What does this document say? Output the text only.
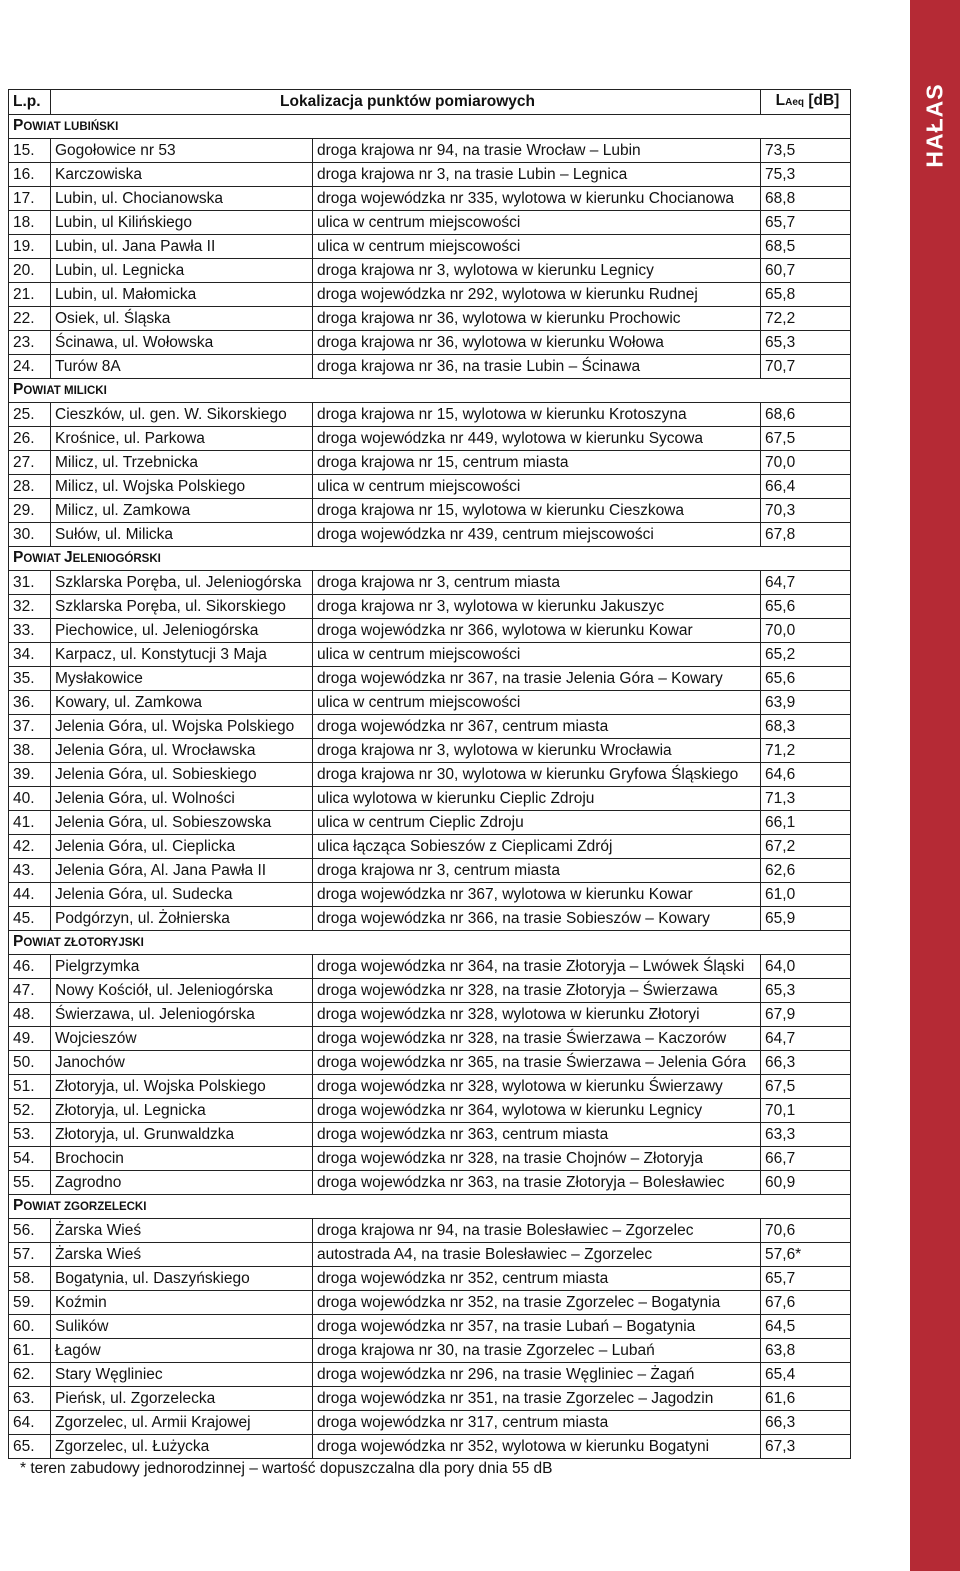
HAŁAS
L.p.	Lokalizacja punktów pomiarowych		LAeq [dB]
POWIAT LUBIŃSKI			
15.	Gogołowice nr 53	droga krajowa nr 94, na trasie Wrocław – Lubin	73,5
16.	Karczowiska	droga krajowa nr 3, na trasie Lubin – Legnica	75,3
17.	Lubin, ul. Chocianowska	droga wojewódzka nr 335, wylotowa w kierunku Chocianowa	68,8
18.	Lubin, ul Kilińskiego	ulica w centrum miejscowości	65,7
19.	Lubin, ul. Jana Pawła II	ulica w centrum miejscowości	68,5
20.	Lubin, ul. Legnicka	droga krajowa nr 3, wylotowa w kierunku Legnicy	60,7
21.	Lubin, ul. Małomicka	droga wojewódzka nr 292, wylotowa w kierunku Rudnej	65,8
22.	Osiek, ul. Śląska	droga krajowa nr 36, wylotowa w kierunku Prochowic	72,2
23.	Ścinawa, ul. Wołowska	droga krajowa nr 36, wylotowa w kierunku Wołowa	65,3
24.	Turów 8A	droga krajowa nr 36, na trasie Lubin – Ścinawa	70,7
POWIAT MILICKI			
25.	Cieszków, ul. gen. W. Sikorskiego	droga krajowa nr 15, wylotowa w kierunku Krotoszyna	68,6
26.	Krośnice, ul. Parkowa	droga wojewódzka nr 449, wylotowa w kierunku Sycowa	67,5
27.	Milicz, ul. Trzebnicka	droga krajowa nr 15, centrum miasta	70,0
28.	Milicz, ul. Wojska Polskiego	ulica w centrum miejscowości	66,4
29.	Milicz, ul. Zamkowa	droga krajowa nr 15, wylotowa w kierunku Cieszkowa	70,3
30.	Sułów, ul. Milicka	droga wojewódzka nr 439, centrum miejscowości	67,8
POWIAT JELENIOGÓRSKI			
31.	Szklarska Poręba, ul. Jeleniogórska	droga krajowa nr 3, centrum miasta	64,7
32.	Szklarska Poręba, ul. Sikorskiego	droga krajowa nr 3, wylotowa w kierunku Jakuszyc	65,6
33.	Piechowice, ul. Jeleniogórska	droga wojewódzka nr 366, wylotowa w kierunku Kowar	70,0
34.	Karpacz, ul. Konstytucji 3 Maja	ulica w centrum miejscowości	65,2
35.	Mysłakowice	droga wojewódzka nr 367, na trasie Jelenia Góra – Kowary	65,6
36.	Kowary, ul. Zamkowa	ulica w centrum miejscowości	63,9
37.	Jelenia Góra, ul. Wojska Polskiego	droga wojewódzka nr 367, centrum miasta	68,3
38.	Jelenia Góra, ul. Wrocławska	droga krajowa nr 3, wylotowa w kierunku Wrocławia	71,2
39.	Jelenia Góra, ul. Sobieskiego	droga krajowa nr 30, wylotowa w kierunku Gryfowa Śląskiego	64,6
40.	Jelenia Góra, ul. Wolności	ulica wylotowa w kierunku Cieplic Zdroju	71,3
41.	Jelenia Góra, ul. Sobieszowska	ulica w centrum Cieplic Zdroju	66,1
42.	Jelenia Góra, ul. Cieplicka	ulica łącząca Sobieszów z Cieplicami Zdrój	67,2
43.	Jelenia Góra, Al. Jana Pawła II	droga krajowa nr 3, centrum miasta	62,6
44.	Jelenia Góra, ul. Sudecka	droga wojewódzka nr 367, wylotowa w kierunku Kowar	61,0
45.	Podgórzyn, ul. Żołnierska	droga wojewódzka nr 366, na trasie Sobieszów – Kowary	65,9
POWIAT ZŁOTORYJSKI			
46.	Pielgrzymka	droga wojewódzka nr 364, na trasie Złotoryja – Lwówek Śląski	64,0
47.	Nowy Kościół, ul. Jeleniogórska	droga wojewódzka nr 328, na trasie Złotoryja – Świerzawa	65,3
48.	Świerzawa, ul. Jeleniogórska	droga wojewódzka nr 328, wylotowa w kierunku Złotoryi	67,9
49.	Wojcieszów	droga wojewódzka nr 328, na trasie Świerzawa – Kaczorów	64,7
50.	Janochów	droga wojewódzka nr 365, na trasie Świerzawa – Jelenia Góra	66,3
51.	Złotoryja, ul. Wojska Polskiego	droga wojewódzka nr 328, wylotowa w kierunku Świerzawy	67,5
52.	Złotoryja, ul. Legnicka	droga wojewódzka nr 364, wylotowa w kierunku Legnicy	70,1
53.	Złotoryja, ul. Grunwaldzka	droga wojewódzka nr 363, centrum miasta	63,3
54.	Brochocin	droga wojewódzka nr 328, na trasie Chojnów – Złotoryja	66,7
55.	Zagrodno	droga wojewódzka nr 363, na trasie Złotoryja – Bolesławiec	60,9
POWIAT ZGORZELECKI			
56.	Żarska Wieś	droga krajowa nr 94, na trasie Bolesławiec – Zgorzelec	70,6
57.	Żarska Wieś	autostrada A4, na trasie Bolesławiec – Zgorzelec	57,6*
58.	Bogatynia, ul. Daszyńskiego	droga wojewódzka nr 352, centrum miasta	65,7
59.	Koźmin	droga wojewódzka nr 352, na trasie Zgorzelec – Bogatynia	67,6
60.	Sulików	droga wojewódzka nr 357, na trasie Lubań – Bogatynia	64,5
61.	Łagów	droga krajowa nr 30, na trasie Zgorzelec – Lubań	63,8
62.	Stary Węgliniec	droga wojewódzka nr 296, na trasie Węgliniec – Żagań	65,4
63.	Pieńsk, ul. Zgorzelecka	droga wojewódzka nr 351, na trasie Zgorzelec – Jagodzin	61,6
64.	Zgorzelec, ul. Armii Krajowej	droga wojewódzka nr 317, centrum miasta	66,3
65.	Zgorzelec, ul. Łużycka	droga wojewódzka nr 352, wylotowa w kierunku Bogatyni	67,3
* teren zabudowy jednorodzinnej – wartość dopuszczalna dla pory dnia 55 dB
